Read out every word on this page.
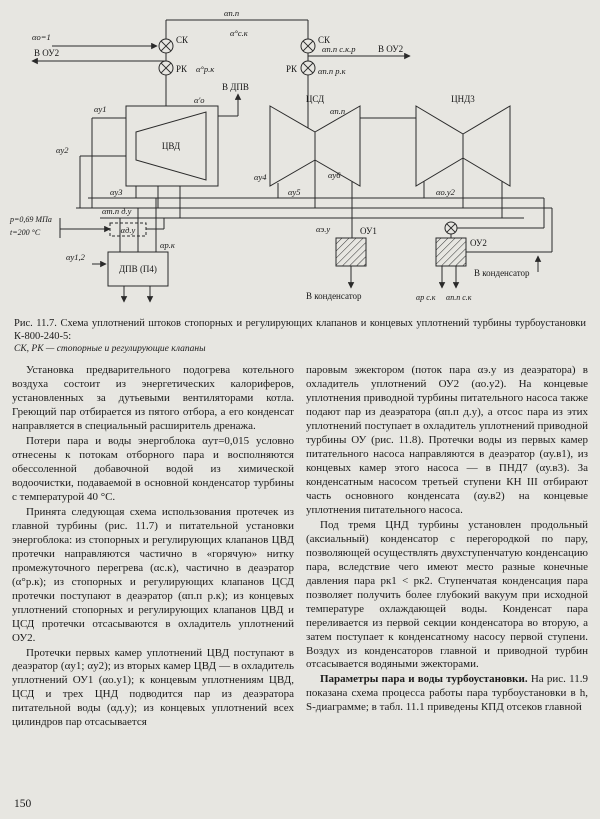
αо=1
αп.п
α°с.к
СК
РК α°р.к
СК
РК αп.п р.к
αп.п с.к.р
В ОУ2	В ОУ2
В ДПВ
α'о
ЦВД
ЦСД
αп.п
ЦНД3
αу1
αу2
αу3
αу4
αу5
αу6
αо.у2
αэ.у
p=0,69 МПа
t=200 °С
αт.п д.у
αд.у
αу1,2
αр.к
ДПВ (П4)
ОУ1
ОУ2
В конденсатор
В конденсатор
αр с.к αп.п с.к
Рис. 11.7. Схема уплотнений штоков стопорных и регулирующих клапанов и концевых уплотнений турбины турбоустановки К-800-240-5:
СК, РК — стопорные и регулирующие клапаны

Установка предварительного подогрева котельного воздуха состоит из энергетических калориферов, установленных за дутьевыми вентиляторами котла. Греющий пар отбирается из пятого отбора, а его конденсат направляется в специальный расширитель дренажа.

Потери пара и воды энергоблока αут=0,015 условно отнесены к потокам отборного пара и восполняются обессоленной добавочной водой из химической водоочистки, подаваемой в основной конденсатор турбины с температурой 40 °С.

Принята следующая схема использования протечек из главной турбины (рис. 11.7) и питательной установки энергоблока: из стопорных и регулирующих клапанов ЦВД протечки направляются частично в «горячую» нитку промежуточного перегрева (αс.к), частично в деаэратор (α°р.к); из стопорных и регулирующих клапанов ЦСД протечки поступают в деаэратор (αп.п р.к); из концевых уплотнений стопорных и регулирующих клапанов ЦВД и ЦСД протечки отсасываются в охладитель уплотнений ОУ2.

Протечки первых камер уплотнений ЦВД поступают в деаэратор (αу1; αу2); из вторых камер ЦВД — в охладитель уплотнений ОУ1 (αо.у1); к концевым уплотнениям ЦВД, ЦСД и трех ЦНД подводится пар из деаэратора питательной воды (αд.у); из концевых уплотнений всех цилиндров пар отсасывается

паровым эжектором (поток пара αэ.у из деаэратора) в охладитель уплотнений ОУ2 (αо.у2). На концевые уплотнения приводной турбины питательного насоса также подают пар из деаэратора (αп.п д.у), а отсос пара из этих уплотнений поступает в охладитель уплотнений приводной турбины ОУ (рис. 11.8). Протечки воды из первых камер питательного насоса направляются в деаэратор (αу.в1), из концевых камер этого насоса — в ПНД7 (αу.в3). За конденсатным насосом третьей ступени КН III отбирают часть основного конденсата (αу.в2) на концевые уплотнения питательного насоса.

Под тремя ЦНД турбины установлен продольный (аксиальный) конденсатор с перегородкой по пару, позволяющей осуществлять двухступенчатую конденсацию пара, вследствие чего имеют место разные конечные давления пара pк1 < pк2. Ступенчатая конденсация пара позволяет получить более глубокий вакуум при исходной температуре охлаждающей воды. Конденсат пара переливается из первой секции конденсатора во вторую, а затем поступает к конденсатному насосу первой ступени. Воздух из конденсаторов главной и приводной турбин отсасывается водяными эжекторами.

Параметры пара и воды турбоустановки. На рис. 11.9 показана схема процесса работы пара турбоустановки в h, S-диаграмме; в табл. 11.1 приведены КПД отсеков главной

150
